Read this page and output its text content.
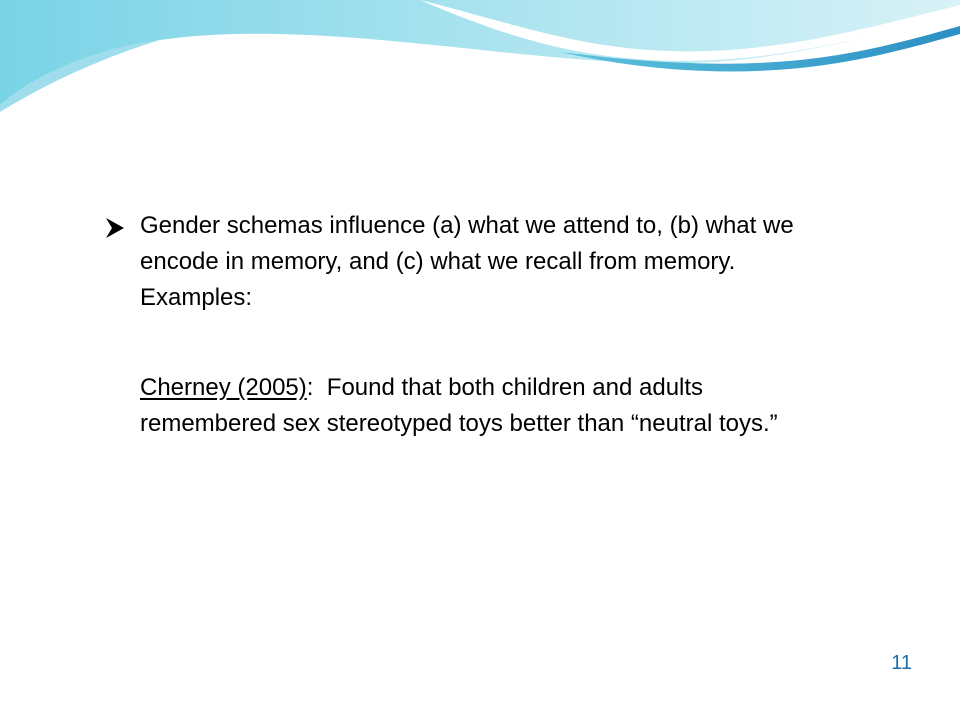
Gender schemas influence (a) what we attend to, (b) what we encode in memory, and (c) what we recall from memory. Examples:

Cherney (2005):  Found that both children and adults remembered sex stereotyped toys better than “neutral toys.”

11
